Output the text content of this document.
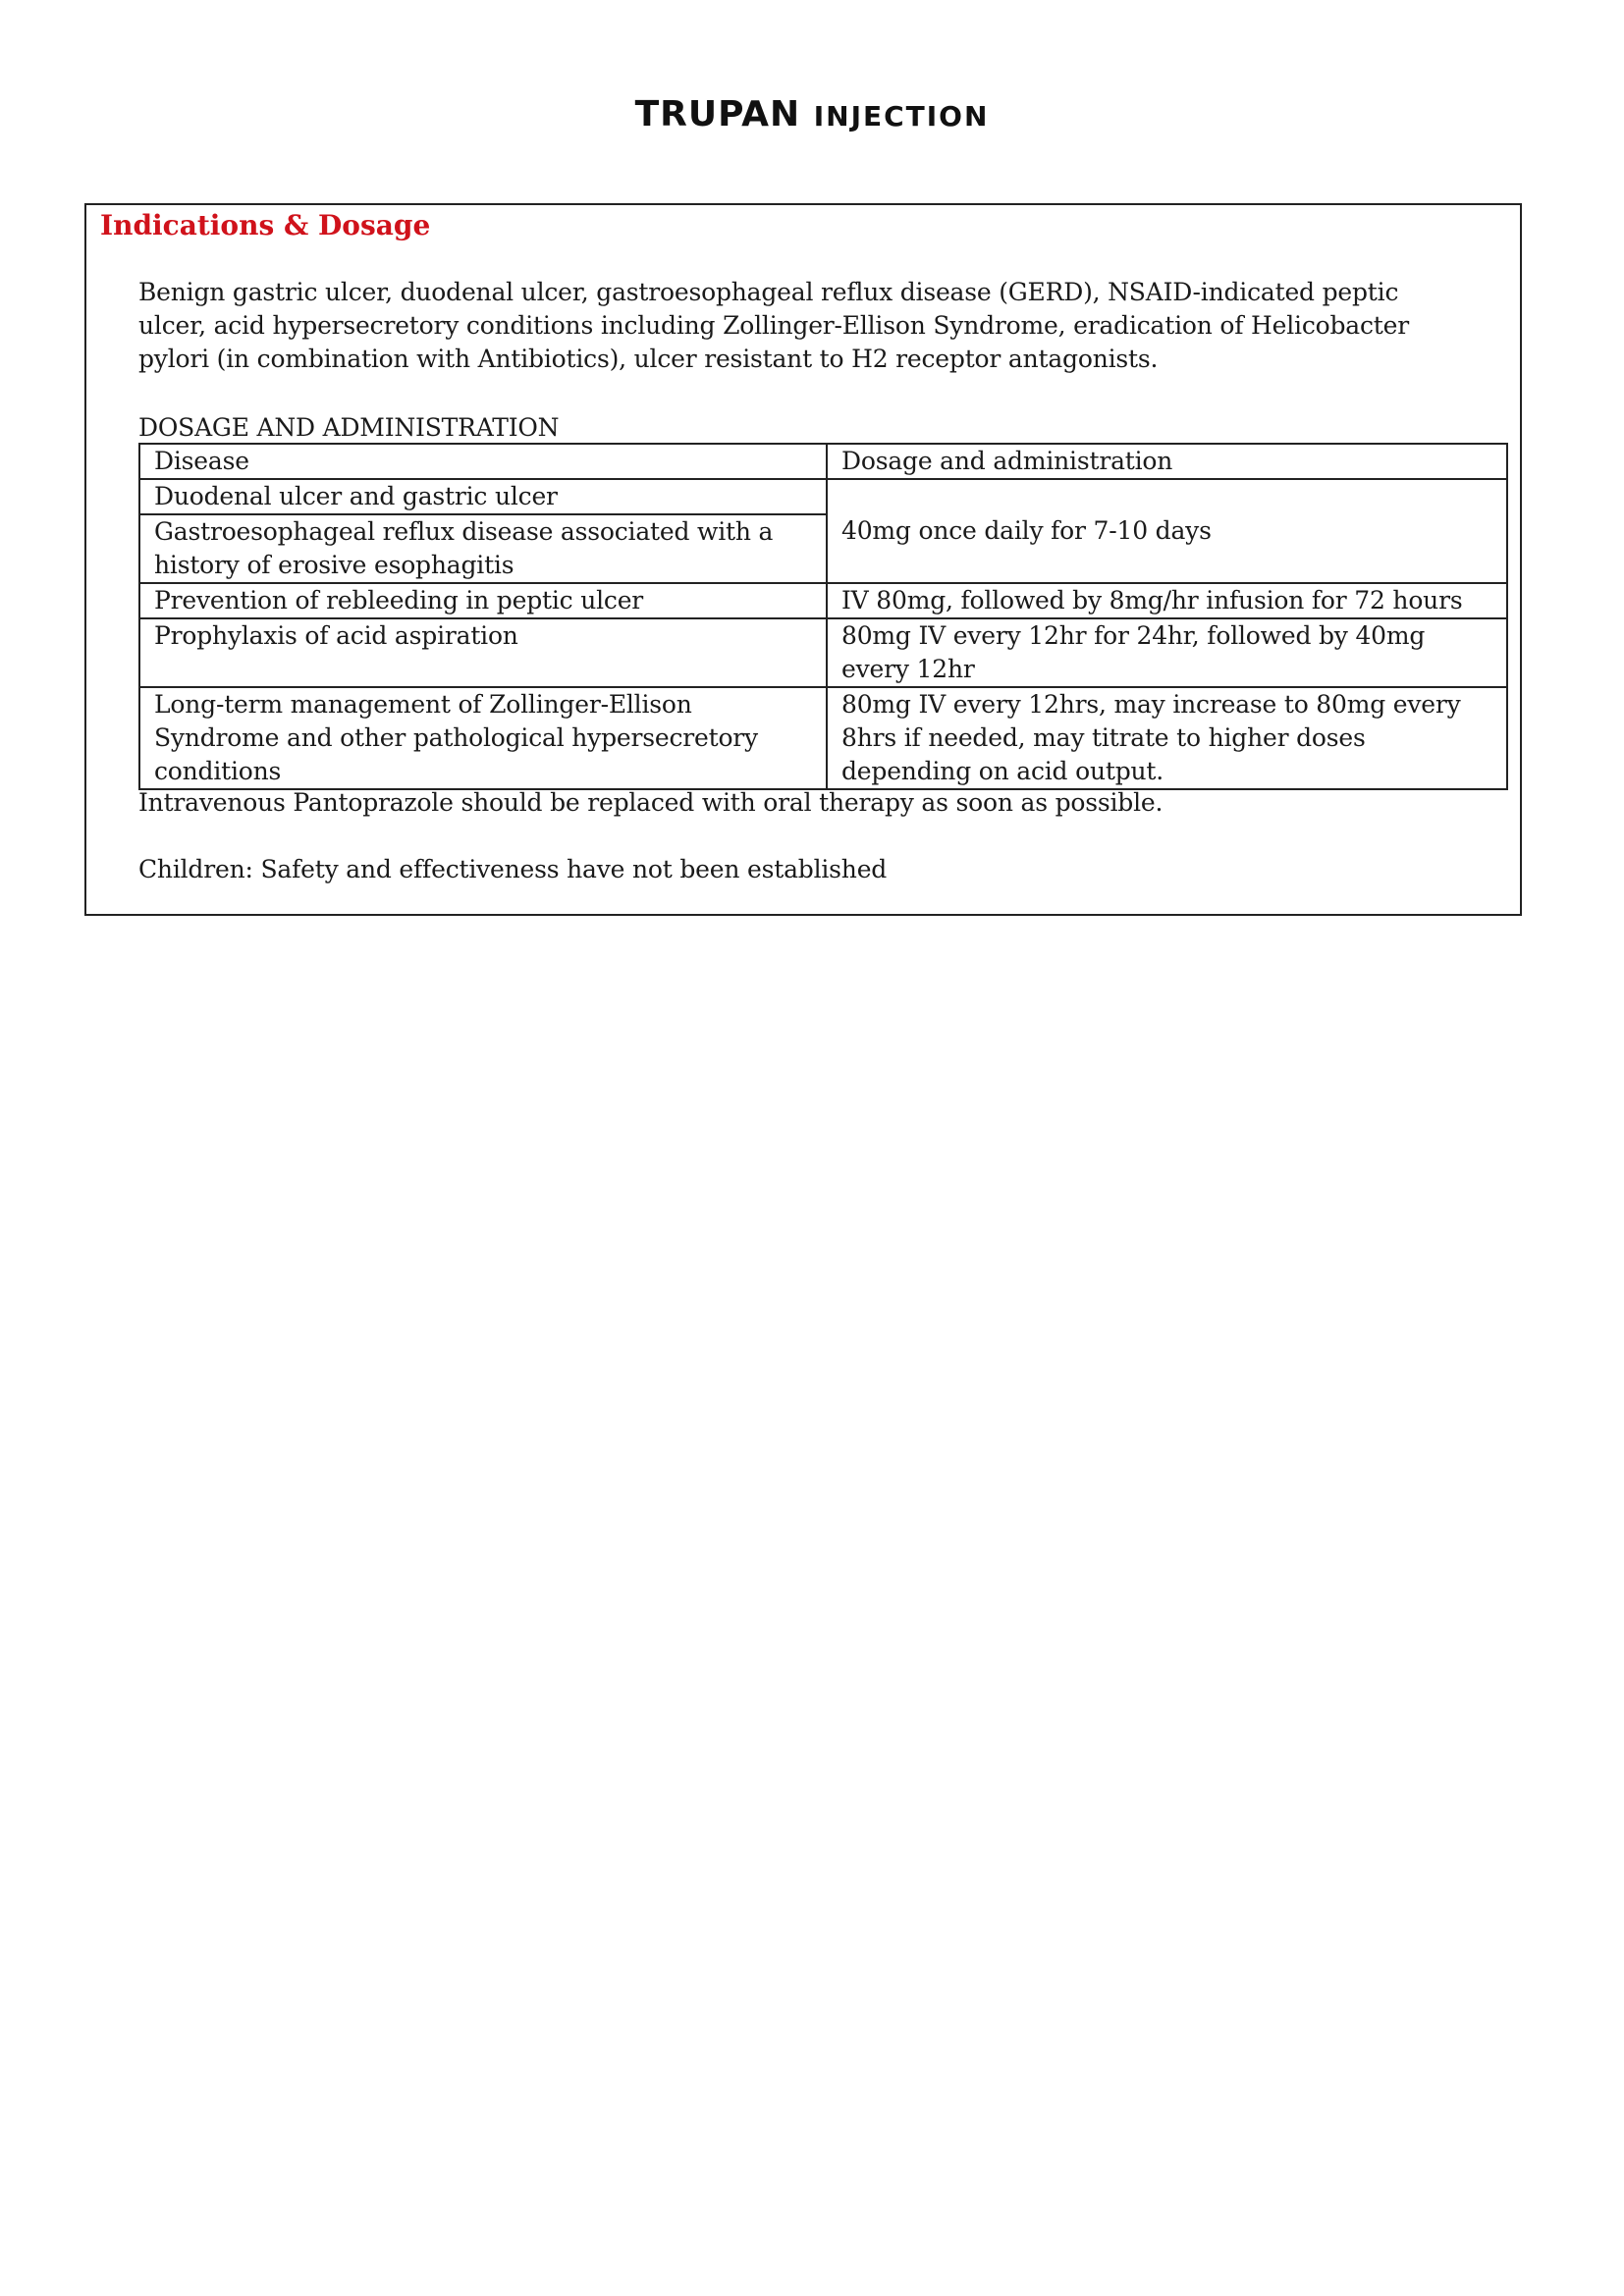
TRUPAN INJECTION
Indications & Dosage
Benign gastric ulcer, duodenal ulcer, gastroesophageal reflux disease (GERD), NSAID-indicated peptic ulcer, acid hypersecretory conditions including Zollinger-Ellison Syndrome, eradication of Helicobacter pylori (in combination with Antibiotics), ulcer resistant to H2 receptor antagonists.
DOSAGE AND ADMINISTRATION
Disease	Dosage and administration
Duodenal ulcer and gastric ulcer	40mg once daily for 7-10 days
Gastroesophageal reflux disease associated with a history of erosive esophagitis	
Prevention of rebleeding in peptic ulcer	IV 80mg, followed by 8mg/hr infusion for 72 hours
Prophylaxis of acid aspiration	80mg IV every 12hr for 24hr, followed by 40mg every 12hr
Long-term management of Zollinger-Ellison Syndrome and other pathological hypersecretory conditions	80mg IV every 12hrs, may increase to 80mg every 8hrs if needed, may titrate to higher doses depending on acid output.
Intravenous Pantoprazole should be replaced with oral therapy as soon as possible.
Children: Safety and effectiveness have not been established
